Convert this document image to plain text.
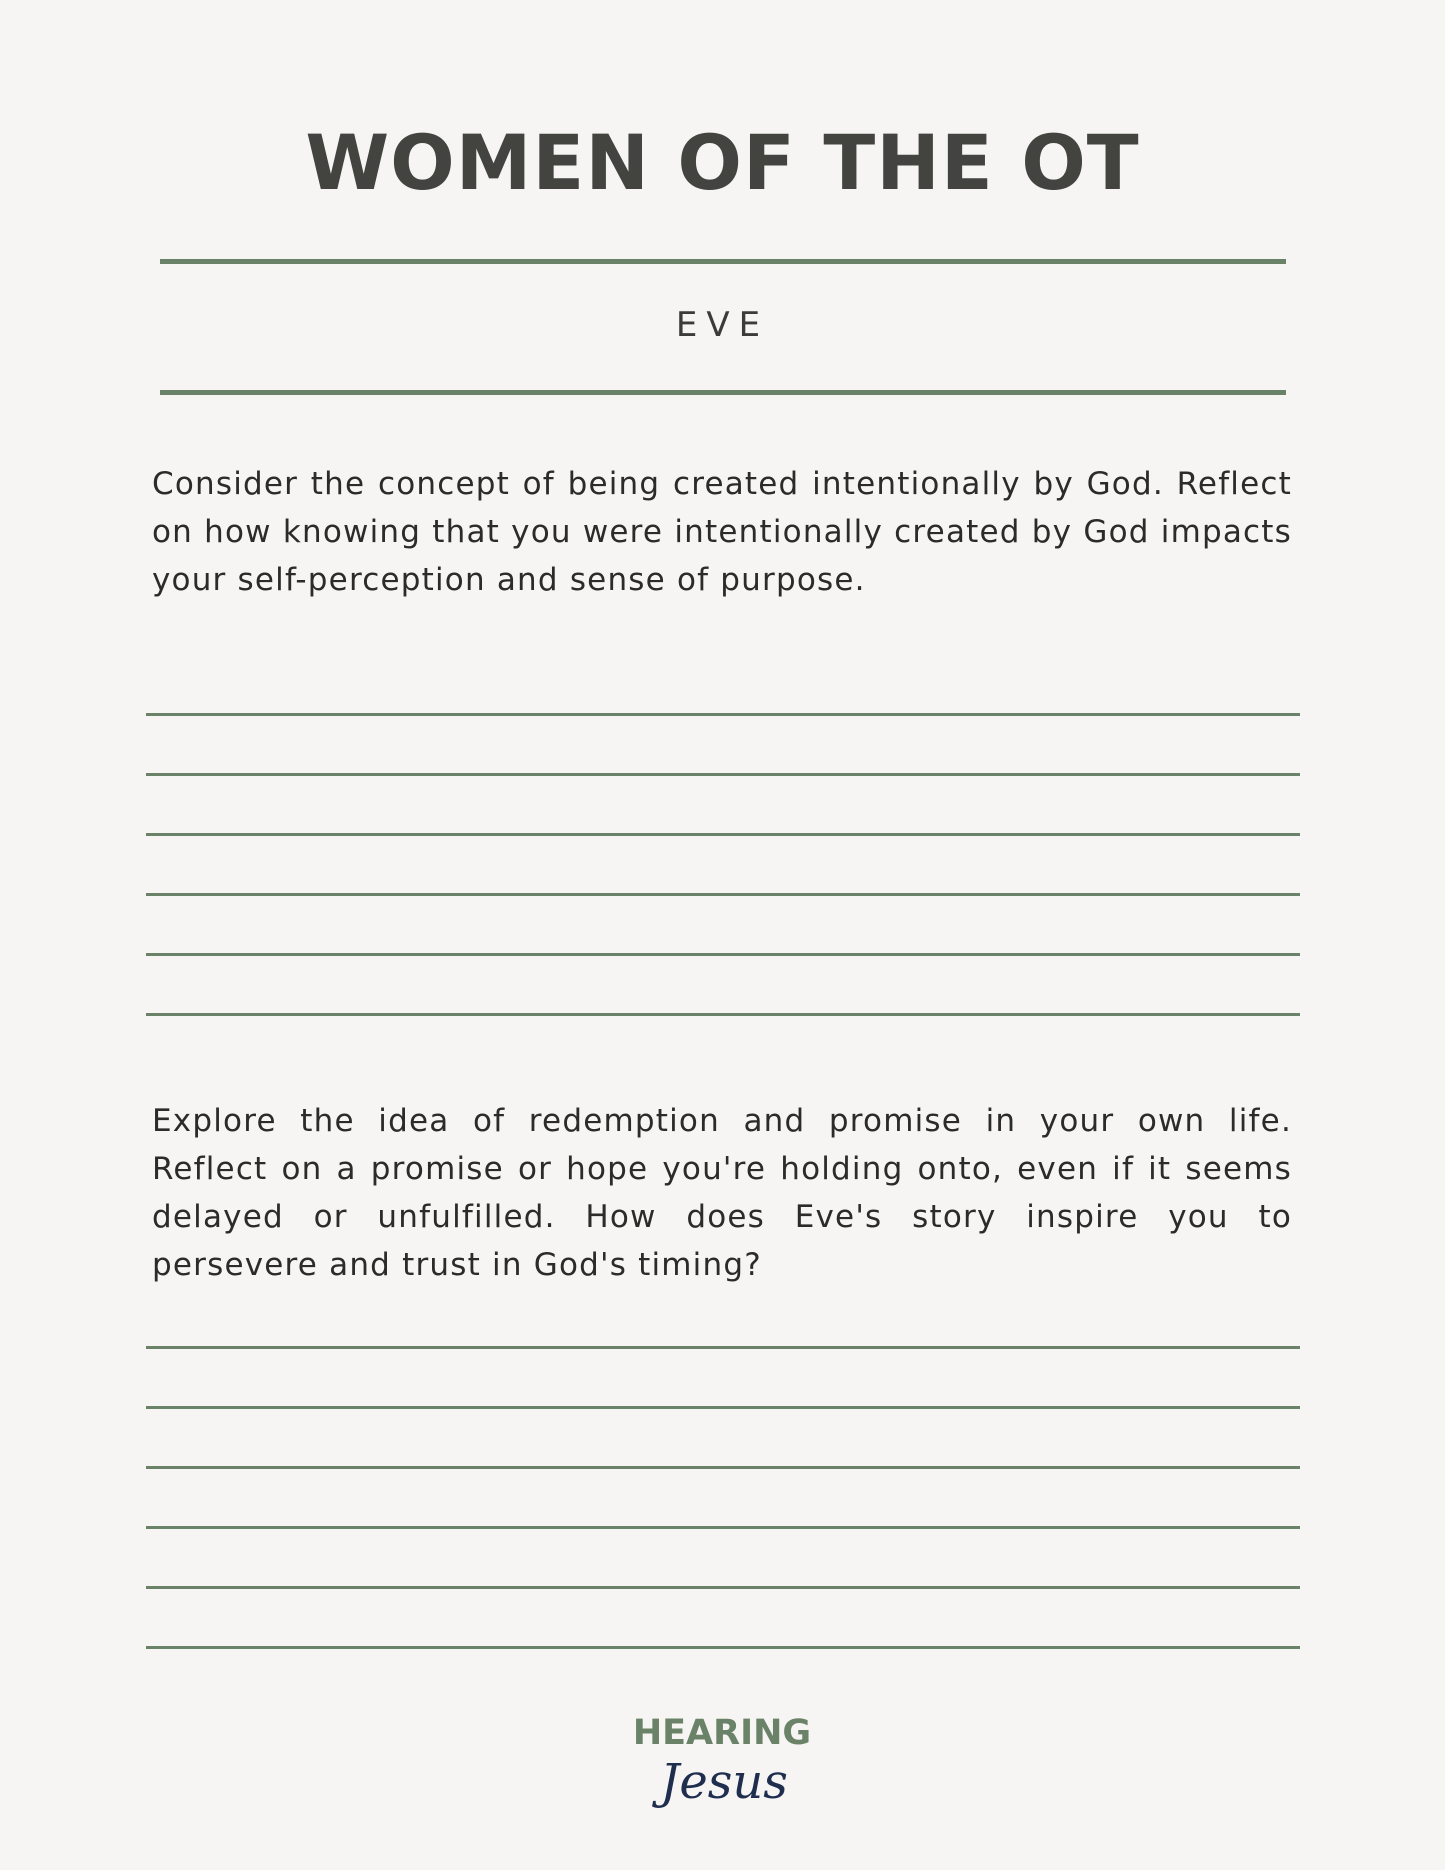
WOMEN OF THE OT
EVE
Consider the concept of being created intentionally by God. Reflect on how knowing that you were intentionally created by God impacts your self-perception and sense of purpose.
Explore the idea of redemption and promise in your own life. Reflect on a promise or hope you're holding onto, even if it seems delayed or unfulfilled. How does Eve's story inspire you to persevere and trust in God's timing?
HEARING
Jesus
